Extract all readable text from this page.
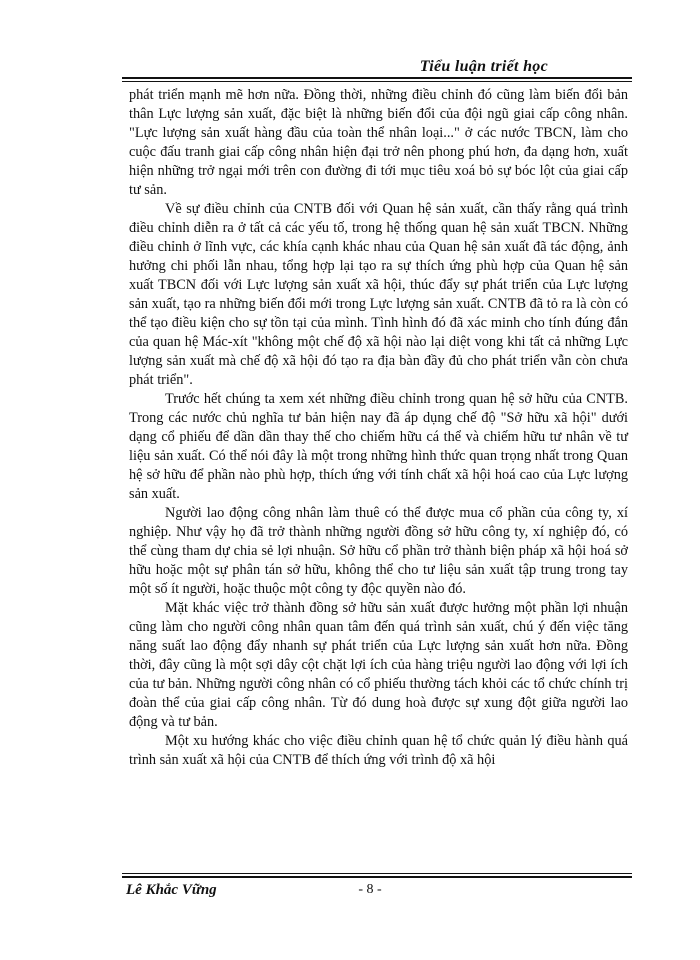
Tiểu luận triết học

phát triển mạnh mẽ hơn nữa. Đồng thời, những điều chỉnh đó cũng làm biến đổi bản thân Lực lượng sản xuất, đặc biệt là những biến đổi của đội ngũ giai cấp công nhân. "Lực lượng sản xuất hàng đầu của toàn thể nhân loại..." ở các nước TBCN, làm cho cuộc đấu tranh giai cấp công nhân hiện đại trở nên phong phú hơn, đa dạng hơn, xuất hiện những trở ngại mới trên con đường đi tới mục tiêu xoá bỏ sự bóc lột của giai cấp tư sản.

Về sự điều chỉnh của CNTB đối với Quan hệ sản xuất, cần thấy rằng quá trình điều chỉnh diễn ra ở tất cả các yếu tố, trong hệ thống quan hệ sản xuất TBCN. Những điều chỉnh ở lĩnh vực, các khía cạnh khác nhau của Quan hệ sản xuất đã tác động, ảnh hưởng chi phối lẫn nhau, tổng hợp lại tạo ra sự thích ứng phù hợp của Quan hệ sản xuất TBCN đối với Lực lượng sản xuất xã hội, thúc đẩy sự phát triển của Lực lượng sản xuất, tạo ra những biến đổi mới trong Lực lượng sản xuất. CNTB đã tỏ ra là còn có thể tạo điều kiện cho sự tồn tại của mình. Tình hình đó đã xác minh cho tính đúng đắn của quan hệ Mác-xít "không một chế độ xã hội nào lại diệt vong khi tất cả những Lực lượng sản xuất mà chế độ xã hội đó tạo ra địa bàn đầy đủ cho phát triển vẫn còn chưa phát triển".

Trước hết chúng ta xem xét những điều chỉnh trong quan hệ sở hữu của CNTB. Trong các nước chủ nghĩa tư bản hiện nay đã áp dụng chế độ "Sở hữu xã hội" dưới dạng cổ phiếu để dần dần thay thế cho chiếm hữu cá thể và chiếm hữu tư nhân về tư liệu sản xuất. Có thể nói đây là một trong những hình thức quan trọng nhất trong Quan hệ sở hữu để phần nào phù hợp, thích ứng với tính chất xã hội hoá cao của Lực lượng sản xuất.

Người lao động công nhân làm thuê có thể được mua cổ phần của công ty, xí nghiệp. Như vậy họ đã trở thành những người đồng sở hữu công ty, xí nghiệp đó, có thể cùng tham dự chia sẻ lợi nhuận. Sở hữu cổ phần trở thành biện pháp xã hội hoá sở hữu hoặc một sự phân tán sở hữu, không thể cho tư liệu sản xuất tập trung trong tay một số ít người, hoặc thuộc một công ty độc quyền nào đó.

Mặt khác việc trở thành đồng sở hữu sản xuất được hưởng một phần lợi nhuận cũng làm cho người công nhân quan tâm đến quá trình sản xuất, chú ý đến việc tăng năng suất lao động đẩy nhanh sự phát triển của Lực lượng sản xuất hơn nữa. Đồng thời, đây cũng là một sợi dây cột chặt lợi ích của hàng triệu người lao động với lợi ích của tư bản. Những người công nhân có cổ phiếu thường tách khỏi các tổ chức chính trị đoàn thể của giai cấp công nhân. Từ đó dung hoà được sự xung đột giữa người lao động và tư bản.

Một xu hướng khác cho việc điều chỉnh quan hệ tổ chức quản lý điều hành quá trình sản xuất xã hội của CNTB để thích ứng với trình độ xã hội

Lê Khắc Vững	- 8 -
